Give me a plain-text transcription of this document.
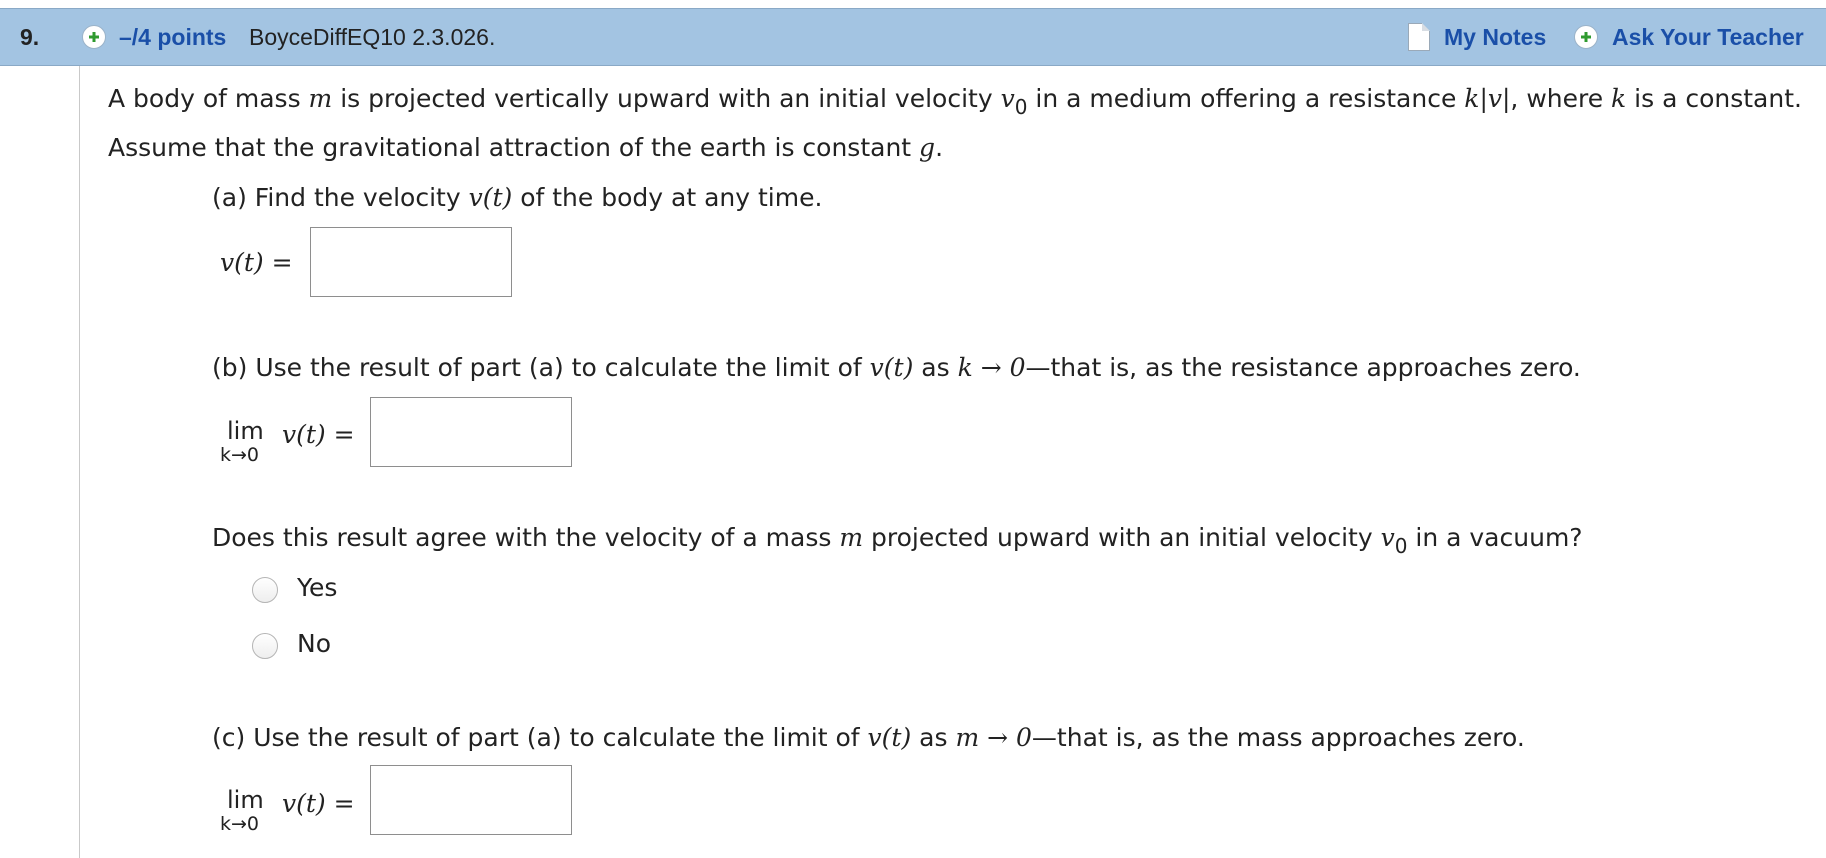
9.	–/4 points BoyceDiffEQ10 2.3.026.	My Notes	Ask Your Teacher
A body of mass m is projected vertically upward with an initial velocity $v_0$ in a medium offering a resistance k|v|, where k is a constant. Assume that the gravitational attraction of the earth is constant g.
(a) Find the velocity v(t) of the body at any time.
v(t) =
(b) Use the result of part (a) to calculate the limit of v(t) as k → 0—that is, as the resistance approaches zero.
lim
k→0
v(t) =
Does this result agree with the velocity of a mass m projected upward with an initial velocity $v_0$ in a vacuum?
Yes
No
(c) Use the result of part (a) to calculate the limit of v(t) as m → 0—that is, as the mass approaches zero.
lim
k→0
v(t) =
